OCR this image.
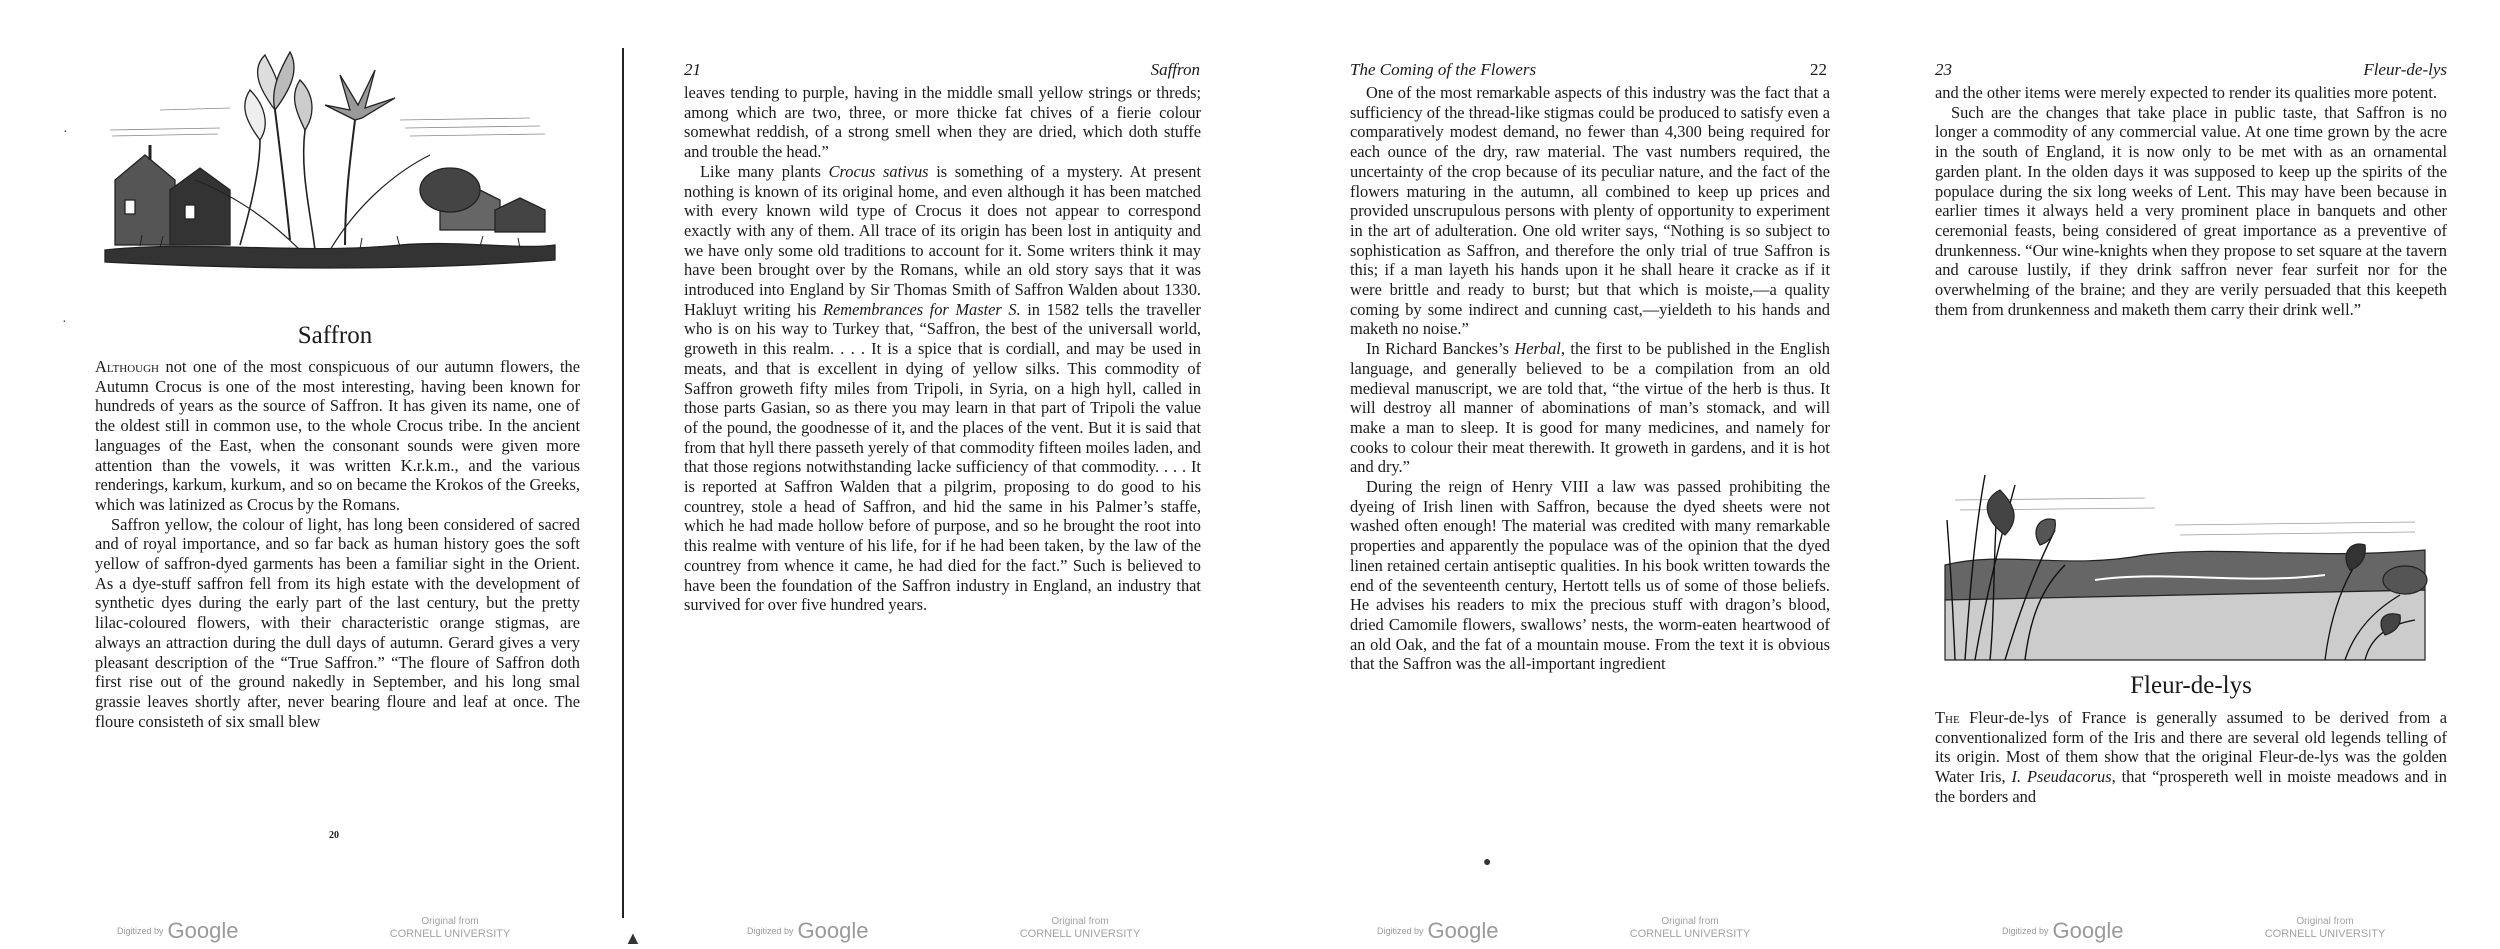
Saffron

Although not one of the most conspicuous of our autumn flowers, the Autumn Crocus is one of the most interesting, having been known for hundreds of years as the source of Saffron. It has given its name, one of the oldest still in common use, to the whole Crocus tribe. In the ancient languages of the East, when the consonant sounds were given more attention than the vowels, it was written K.r.k.m., and the various renderings, karkum, kurkum, and so on became the Krokos of the Greeks, which was latinized as Crocus by the Romans.

Saffron yellow, the colour of light, has long been considered of sacred and of royal importance, and so far back as human history goes the soft yellow of saffron-dyed garments has been a familiar sight in the Orient. As a dye-stuff saffron fell from its high estate with the development of synthetic dyes during the early part of the last century, but the pretty lilac-coloured flowers, with their characteristic orange stigmas, are always an attraction during the dull days of autumn. Gerard gives a very pleasant description of the “True Saffron.” “The floure of Saffron doth first rise out of the ground nakedly in September, and his long smal grassie leaves shortly after, never bearing floure and leaf at once. The floure consisteth of six small blew

20
·
·
Digitized by Google	Original from
CORNELL UNIVERSITY
21	Saffron

leaves tending to purple, having in the middle small yellow strings or threds; among which are two, three, or more thicke fat chives of a fierie colour somewhat reddish, of a strong smell when they are dried, which doth stuffe and trouble the head.”

Like many plants Crocus sativus is something of a mystery. At present nothing is known of its original home, and even although it has been matched with every known wild type of Crocus it does not appear to correspond exactly with any of them. All trace of its origin has been lost in antiquity and we have only some old traditions to account for it. Some writers think it may have been brought over by the Romans, while an old story says that it was introduced into England by Sir Thomas Smith of Saffron Walden about 1330. Hakluyt writing his Remembrances for Master S. in 1582 tells the traveller who is on his way to Turkey that, “Saffron, the best of the universall world, groweth in this realm. . . . It is a spice that is cordiall, and may be used in meats, and that is excellent in dying of yellow silks. This commodity of Saffron groweth fifty miles from Tripoli, in Syria, on a high hyll, called in those parts Gasian, so as there you may learn in that part of Tripoli the value of the pound, the goodnesse of it, and the places of the vent. But it is said that from that hyll there passeth yerely of that commodity fifteen moiles laden, and that those regions notwithstanding lacke sufficiency of that commodity. . . . It is reported at Saffron Walden that a pilgrim, proposing to do good to his countrey, stole a head of Saffron, and hid the same in his Palmer’s staffe, which he had made hollow before of purpose, and so he brought the root into this realme with venture of his life, for if he had been taken, by the law of the countrey from whence it came, he had died for the fact.” Such is believed to have been the foundation of the Saffron industry in England, an industry that survived for over five hundred years.

▲	Digitized by Google	Original from
CORNELL UNIVERSITY
The Coming of the Flowers	22

One of the most remarkable aspects of this industry was the fact that a sufficiency of the thread-like stigmas could be produced to satisfy even a comparatively modest demand, no fewer than 4,300 being required for each ounce of the dry, raw material. The vast numbers required, the uncertainty of the crop because of its peculiar nature, and the fact of the flowers maturing in the autumn, all combined to keep up prices and provided unscrupulous persons with plenty of opportunity to experiment in the art of adulteration. One old writer says, “Nothing is so subject to sophistication as Saffron, and therefore the only trial of true Saffron is this; if a man layeth his hands upon it he shall heare it cracke as if it were brittle and ready to burst; but that which is moiste,—a quality coming by some indirect and cunning cast,—yieldeth to his hands and maketh no noise.”

In Richard Banckes’s Herbal, the first to be published in the English language, and generally believed to be a compilation from an old medieval manuscript, we are told that, “the virtue of the herb is thus. It will destroy all manner of abominations of man’s stomack, and will make a man to sleep. It is good for many medicines, and namely for cooks to colour their meat therewith. It groweth in gardens, and it is hot and dry.”

During the reign of Henry VIII a law was passed prohibiting the dyeing of Irish linen with Saffron, because the dyed sheets were not washed often enough! The material was credited with many remarkable properties and apparently the populace was of the opinion that the dyed linen retained certain antiseptic qualities. In his book written towards the end of the seventeenth century, Hertott tells us of some of those beliefs. He advises his readers to mix the precious stuff with dragon’s blood, dried Camomile flowers, swallows’ nests, the worm-eaten heartwood of an old Oak, and the fat of a mountain mouse. From the text it is obvious that the Saffron was the all-important ingredient

●
Digitized by Google	Original from
CORNELL UNIVERSITY
23	Fleur-de-lys

and the other items were merely expected to render its qualities more potent.

Such are the changes that take place in public taste, that Saffron is no longer a commodity of any commercial value. At one time grown by the acre in the south of England, it is now only to be met with as an ornamental garden plant. In the olden days it was supposed to keep up the spirits of the populace during the six long weeks of Lent. This may have been because in earlier times it always held a very prominent place in banquets and other ceremonial feasts, being considered of great importance as a preventive of drunkenness. “Our wine-knights when they propose to set square at the tavern and carouse lustily, if they drink saffron never fear surfeit nor for the overwhelming of the braine; and they are verily persuaded that this keepeth them from drunkenness and maketh them carry their drink well.”

Fleur-de-lys

The Fleur-de-lys of France is generally assumed to be derived from a conventionalized form of the Iris and there are several old legends telling of its origin. Most of them show that the original Fleur-de-lys was the golden Water Iris, I. Pseudacorus, that “prospereth well in moiste meadows and in the borders and

Digitized by Google	Original from
CORNELL UNIVERSITY
